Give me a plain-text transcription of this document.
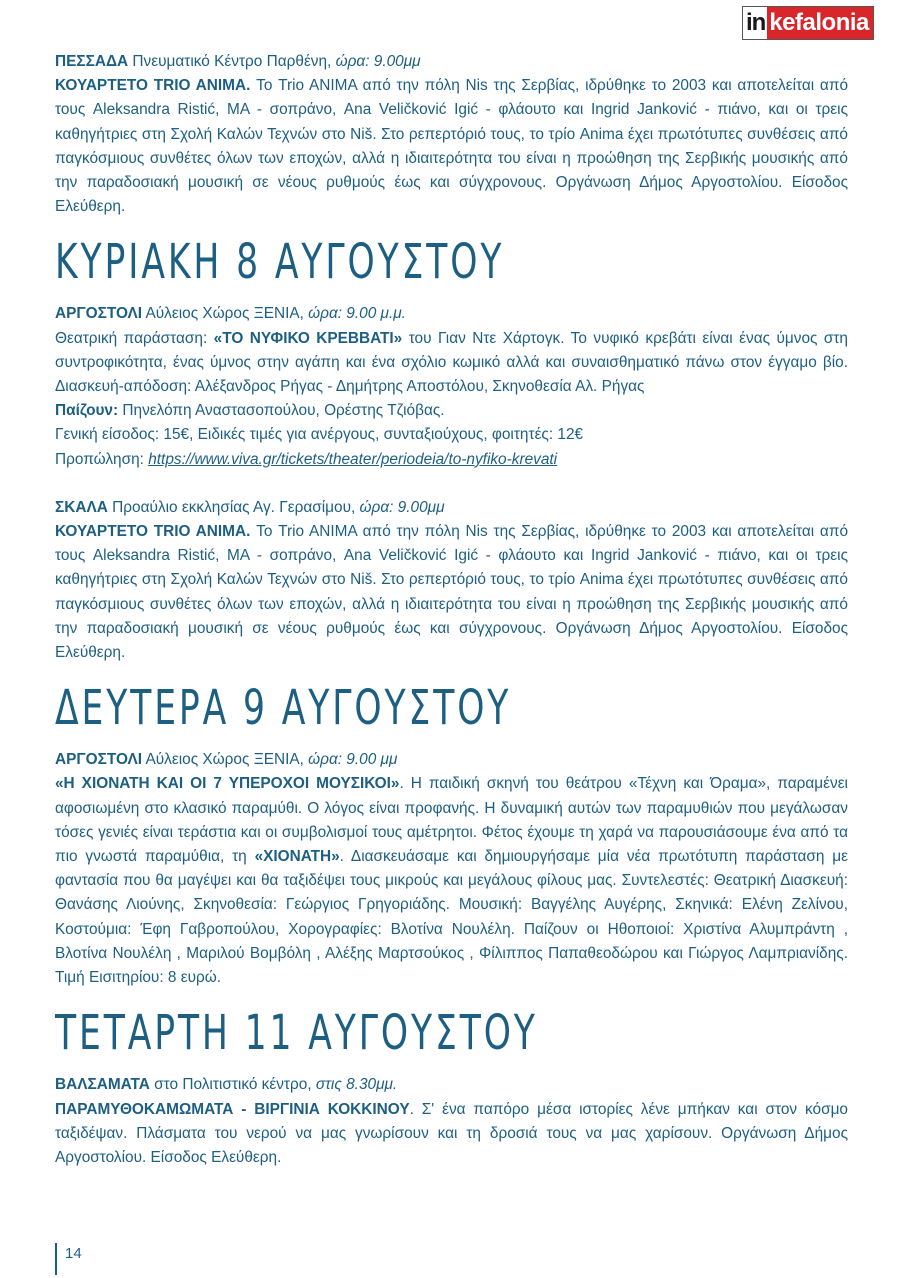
in kefalonia

ΠΕΣΣΑΔΑ Πνευματικό Κέντρο Παρθένη, ώρα: 9.00μμ
ΚΟΥΑΡΤΕΤΟ TRIO ANIMA. Το Trio ANIMA από την πόλη Nis της Σερβίας, ιδρύθηκε το 2003 και αποτελείται από τους Aleksandra Ristić, MA - σοπράνο, Ana Veličković Igić - φλάουτο και Ingrid Janković - πιάνο, και οι τρεις καθηγήτριες στη Σχολή Καλών Τεχνών στο Niš. Στο ρεπερτόριό τους, το τρίο Anima έχει πρωτότυπες συνθέσεις από παγκόσμιους συνθέτες όλων των εποχών, αλλά η ιδιαιτερότητα του είναι η προώθηση της Σερβικής μουσικής από την παραδοσιακή μουσική σε νέους ρυθμούς έως και σύγχρονους. Οργάνωση Δήμος Αργοστολίου. Είσοδος Ελεύθερη.

ΚΥΡΙΑΚΗ 8 ΑΥΓΟΥΣΤΟΥ

ΑΡΓΟΣΤΟΛΙ Αύλειος Χώρος ΞΕΝΙΑ, ώρα: 9.00 μ.μ.
Θεατρική παράσταση: «ΤΟ ΝΥΦΙΚΟ ΚΡΕΒΒΑΤΙ» του Γιαν Ντε Χάρτογκ. Το νυφικό κρεβάτι είναι ένας ύμνος στη συντροφικότητα, ένας ύμνος στην αγάπη και ένα σχόλιο κωμικό αλλά και συναισθηματικό πάνω στον έγγαμο βίο. Διασκευή-απόδοση: Αλέξανδρος Ρήγας - Δημήτρης Αποστόλου, Σκηνοθεσία Αλ. Ρήγας
Παίζουν: Πηνελόπη Αναστασοπούλου, Ορέστης Τζιόβας.
Γενική είσοδος: 15€, Ειδικές τιμές για ανέργους, συνταξιούχους, φοιτητές: 12€
Προπώληση: https://www.viva.gr/tickets/theater/periodeia/to-nyfiko-krevati

ΣΚΑΛΑ Προαύλιο εκκλησίας Αγ. Γερασίμου, ώρα: 9.00μμ
ΚΟΥΑΡΤΕΤΟ TRIO ANIMA. Το Trio ANIMA από την πόλη Nis της Σερβίας, ιδρύθηκε το 2003 και αποτελείται από τους Aleksandra Ristić, MA - σοπράνο, Ana Veličković Igić - φλάουτο και Ingrid Janković - πιάνο, και οι τρεις καθηγήτριες στη Σχολή Καλών Τεχνών στο Niš. Στο ρεπερτόριό τους, το τρίο Anima έχει πρωτότυπες συνθέσεις από παγκόσμιους συνθέτες όλων των εποχών, αλλά η ιδιαιτερότητα του είναι η προώθηση της Σερβικής μουσικής από την παραδοσιακή μουσική σε νέους ρυθμούς έως και σύγχρονους. Οργάνωση Δήμος Αργοστολίου. Είσοδος Ελεύθερη.

ΔΕΥΤΕΡΑ 9 ΑΥΓΟΥΣΤΟΥ

ΑΡΓΟΣΤΟΛΙ Αύλειος Χώρος ΞΕΝΙΑ, ώρα: 9.00 μμ
«Η ΧΙΟΝΑΤΗ ΚΑΙ ΟΙ 7 ΥΠΕΡΟΧΟΙ ΜΟΥΣΙΚΟΙ». Η παιδική σκηνή του θεάτρου «Τέχνη και Όραμα», παραμένει αφοσιωμένη στο κλασικό παραμύθι. Ο λόγος είναι προφανής. Η δυναμική αυτών των παραμυθιών που μεγάλωσαν τόσες γενιές είναι τεράστια και οι συμβολισμοί τους αμέτρητοι. Φέτος έχουμε τη χαρά να παρουσιάσουμε ένα από τα πιο γνωστά παραμύθια, τη «ΧΙΟΝΑΤΗ». Διασκευάσαμε και δημιουργήσαμε μία νέα πρωτότυπη παράσταση με φαντασία που θα μαγέψει και θα ταξιδέψει τους μικρούς και μεγάλους φίλους μας. Συντελεστές: Θεατρική Διασκευή: Θανάσης Λιούνης, Σκηνοθεσία: Γεώργιος Γρηγοριάδης. Μουσική: Βαγγέλης Αυγέρης, Σκηνικά: Ελένη Ζελίνου, Κοστούμια: Έφη Γαβροπούλου, Χορογραφίες: Βλοτίνα Νουλέλη. Παίζουν οι Ηθοποιοί: Χριστίνα Αλυμπράντη , Βλοτίνα Νουλέλη , Μαριλού Βομβόλη , Αλέξης Μαρτσούκος , Φίλιππος Παπαθεοδώρου και Γιώργος Λαμπριανίδης. Τιμή Εισιτηρίου: 8 ευρώ.

ΤΕΤΑΡΤΗ 11 ΑΥΓΟΥΣΤΟΥ

ΒΑΛΣΑΜΑΤΑ στο Πολιτιστικό κέντρο, στις 8.30μμ.
ΠΑΡΑΜΥΘΟΚΑΜΩΜΑΤΑ - ΒΙΡΓΙΝΙΑ ΚΟΚΚΙΝΟΥ. Σ' ένα παπόρο μέσα ιστορίες λένε μπήκαν και στον κόσμο ταξιδέψαν. Πλάσματα του νερού να μας γνωρίσουν και τη δροσιά τους να μας χαρίσουν. Οργάνωση Δήμος Αργοστολίου. Είσοδος Ελεύθερη.

14
